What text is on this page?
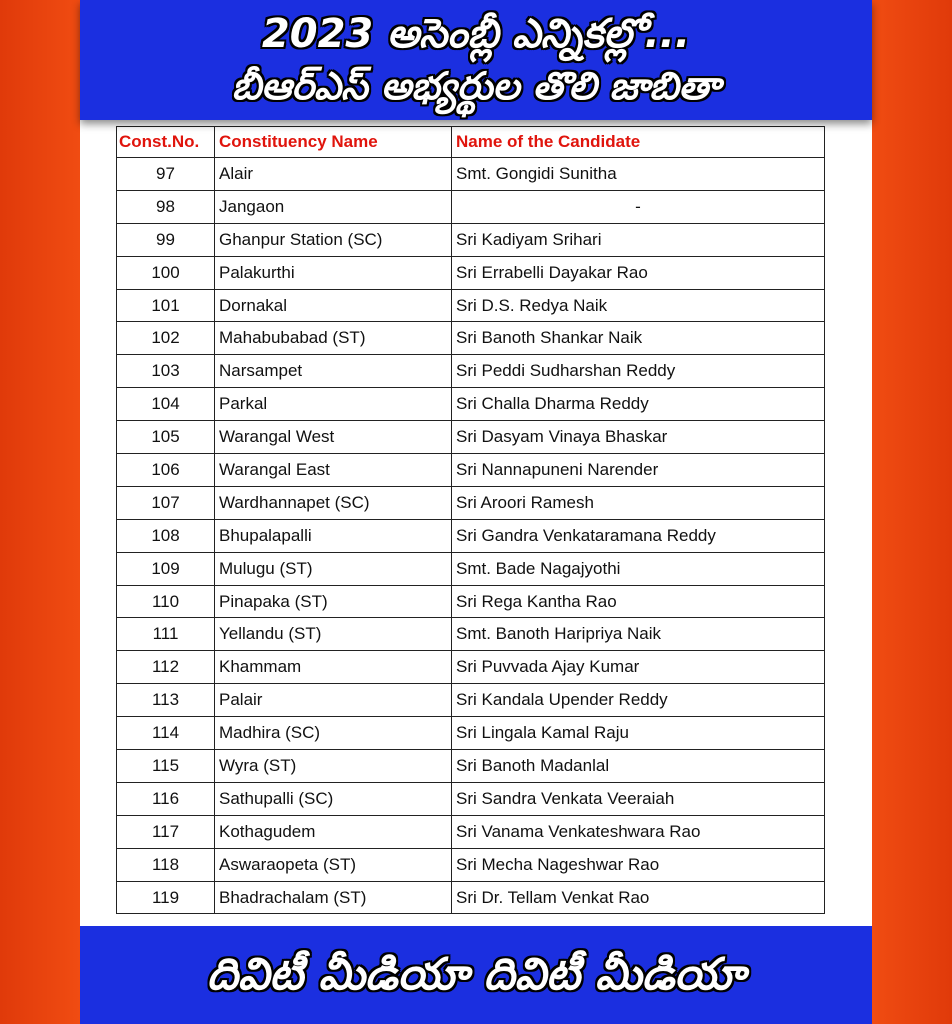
2023 అసెంబ్లీ ఎన్నికల్లో...
బీఆర్ఎస్ అభ్యర్థుల తొలి జాబితా
Const.No.	Constituency Name	Name of the Candidate
97	Alair	Smt. Gongidi Sunitha
98	Jangaon	-
99	Ghanpur Station (SC)	Sri Kadiyam Srihari
100	Palakurthi	Sri Errabelli Dayakar Rao
101	Dornakal	Sri D.S. Redya Naik
102	Mahabubabad (ST)	Sri Banoth Shankar Naik
103	Narsampet	Sri Peddi Sudharshan Reddy
104	Parkal	Sri Challa Dharma Reddy
105	Warangal West	Sri Dasyam Vinaya Bhaskar
106	Warangal East	Sri Nannapuneni Narender
107	Wardhannapet (SC)	Sri Aroori Ramesh
108	Bhupalapalli	Sri Gandra Venkataramana Reddy
109	Mulugu (ST)	Smt. Bade Nagajyothi
110	Pinapaka (ST)	Sri Rega Kantha Rao
111	Yellandu (ST)	Smt. Banoth Haripriya Naik
112	Khammam	Sri Puvvada Ajay Kumar
113	Palair	Sri Kandala Upender Reddy
114	Madhira (SC)	Sri Lingala Kamal Raju
115	Wyra (ST)	Sri Banoth Madanlal
116	Sathupalli (SC)	Sri Sandra Venkata Veeraiah
117	Kothagudem	Sri Vanama Venkateshwara Rao
118	Aswaraopeta (ST)	Sri Mecha Nageshwar Rao
119	Bhadrachalam (ST)	Sri Dr. Tellam Venkat Rao
దివిటీ మీడియా దివిటీ మీడియా
